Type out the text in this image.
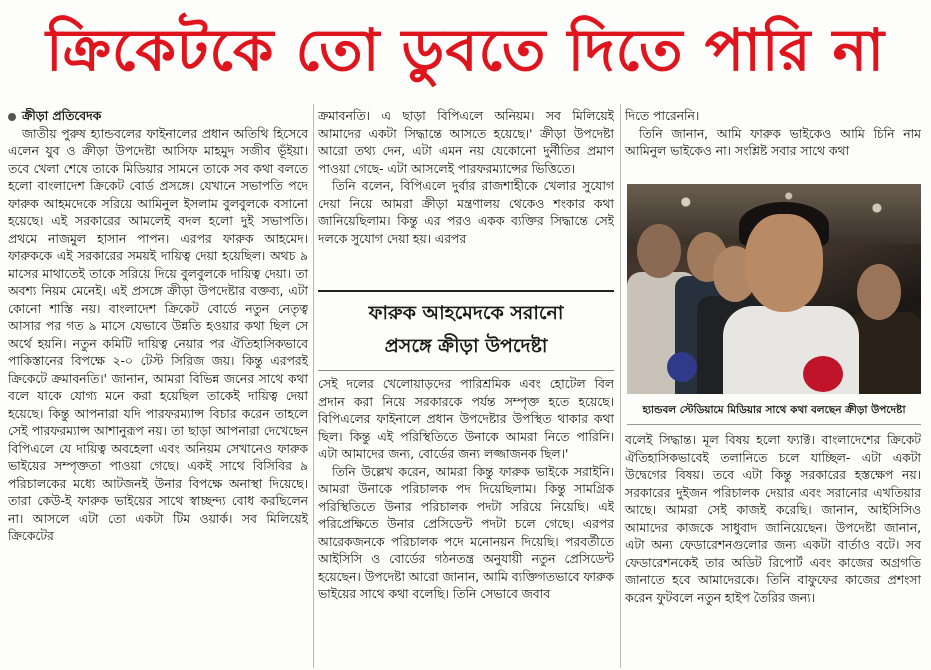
ক্রিকেটকে তো ডুবতে দিতে পারি না

ক্রীড়া প্রতিবেদক

জাতীয় পুরুষ হ্যান্ডবলের ফাইনালের প্রধান অতিথি হিসেবে এলেন যুব ও ক্রীড়া উপদেষ্টা আসিফ মাহমুদ সজীব ভূঁইয়া। তবে খেলা শেষে তাকে মিডিয়ার সামনে তাকে সব কথা বলতে হলো বাংলাদেশ ক্রিকেট বোর্ড প্রসঙ্গে। যেখানে সভাপতি পদে ফারুক আহমদেকে সরিয়ে আমিনুল ইসলাম বুলবুলকে বসানো হয়েছে। এই সরকারের আমলেই বদল হলো দুই সভাপতি। প্রথমে নাজমুল হাসান পাপন। এরপর ফারুক আহমেদ। ফারুককে এই সরকারের সময়ই দায়িত্ব দেয়া হয়েছিল। অথচ ৯ মাসের মাথাতেই তাকে সরিয়ে দিয়ে বুলবুলকে দায়িত্ব দেয়া। তা অবশ্য নিয়ম মেনেই। এই প্রসঙ্গে ক্রীড়া উপদেষ্টার বক্তব্য, এটা কোনো শাস্তি নয়। বাংলাদেশ ক্রিকেট বোর্ডে নতুন নেতৃত্ব আসার পর গত ৯ মাসে যেভাবে উন্নতি হওয়ার কথা ছিল সে অর্থে হয়নি। নতুন কমিটি দায়িত্ব নেয়ার পর ঐতিহাসিকভাবে পাকিস্তানের বিপক্ষে ২-০ টেস্ট সিরিজ জয়। কিন্তু এরপরই ক্রিকেটে ক্রমাবনতি।' জানান, আমরা বিভিন্ন জনের সাথে কথা বলে যাকে যোগ্য মনে করা হয়েছিল তাকেই দায়িত্ব দেয়া হয়েছে। কিন্তু আপনারা যদি পারফরম্যান্স বিচার করেন তাহলে সেই পারফরম্যান্স আশানুরূপ নয়। তা ছাড়া আপনারা দেখেছেন বিপিএলে যে দায়িত্ব অবহেলা এবং অনিয়ম সেখানেও ফারুক ভাইয়ের সম্পৃক্ততা পাওয়া গেছে। একই সাথে বিসিবির ৯ পরিচালকের মধ্যে আটজনই উনার বিপক্ষে অনাস্থা দিয়েছে। তারা কেউ-ই ফারুক ভাইয়ের সাথে স্বাচ্ছন্দ্য বোধ করছিলেন না। আসলে এটা তো একটা টিম ওয়ার্ক। সব মিলিয়েই ক্রিকেটের

ক্রমাবনতি। এ ছাড়া বিপিএলে অনিয়ম। সব মিলিয়েই আমাদের একটা সিদ্ধান্তে আসতে হয়েছে।' ক্রীড়া উপদেষ্টা আরো তথ্য দেন, এটা এমন নয় যেকোনো দুর্নীতির প্রমাণ পাওয়া গেছে- এটা আসলেই পারফরম্যান্সের ভিত্তিতে।

তিনি বলেন, বিপিএলে দুর্বার রাজশাহীকে খেলার সুযোগ দেয়া নিয়ে আমরা ক্রীড়া মন্ত্রণালয় থেকেও শংকার কথা জানিয়েছিলাম। কিন্তু এর পরও একক ব্যক্তির সিদ্ধান্তে সেই দলকে সুযোগ দেয়া হয়। এরপর

ফারুক আহমেদকে সরানো
প্রসঙ্গে ক্রীড়া উপদেষ্টা

সেই দলের খেলোয়াড়দের পারিশ্রমিক এবং হোটেল বিল প্রদান করা নিয়ে সরকারকে পর্যন্ত সম্পৃক্ত হতে হয়েছে। বিপিএলের ফাইনালে প্রধান উপদেষ্টার উপস্থিত থাকার কথা ছিল। কিন্তু এই পরিস্থিতিতে উনাকে আমরা নিতে পারিনি। এটা আমাদের জন্য, বোর্ডের জন্য লজ্জাজনক ছিল।'

তিনি উল্লেখ করেন, আমরা কিন্তু ফারুক ভাইকে সরাইনি। আমরা উনাকে পরিচালক পদ দিয়েছিলাম। কিন্তু সামগ্রিক পরিস্থিতিতে উনার পরিচালক পদটা সরিয়ে নিয়েছি। এই পরিপ্রেক্ষিতে উনার প্রেসিডেন্ট পদটা চলে গেছে। এরপর আরেকজনকে পরিচালক পদে মনোনয়ন দিয়েছি। পরবর্তীতে আইসিসি ও বোর্ডের গঠনতন্ত্র অনুযায়ী নতুন প্রেসিডেন্ট হয়েছেন। উপদেষ্টা আরো জানান, আমি ব্যক্তিগতভাবে ফারুক ভাইয়ের সাথে কথা বলেছি। তিনি সেভাবে জবাব

দিতে পারেননি।

তিনি জানান, আমি ফারুক ভাইকেও আমি চিনি নাম আমিনুল ভাইকেও না। সংশ্লিষ্ট সবার সাথে কথা

হ্যান্ডবল স্টেডিয়ামে মিডিয়ার সাথে কথা বলছেন ক্রীড়া উপদেষ্টা

বলেই সিদ্ধান্ত। মূল বিষয় হলো ফ্যাক্ট। বাংলাদেশের ক্রিকেট ঐতিহাসিকভাবেই তলানিতে চলে যাচ্ছিল- এটা একটা উদ্বেগের বিষয়। তবে এটা কিন্তু সরকারের হস্তক্ষেপ নয়। সরকারের দুইজন পরিচালক দেয়ার এবং সরানোর এখতিয়ার আছে। আমরা সেই কাজই করেছি। জানান, আইসিসিও আমাদের কাজকে সাধুবাদ জানিয়েছেন। উপদেষ্টা জানান, এটা অন্য ফেডারেশনগুলোর জন্য একটা বার্তাও বটে। সব ফেডারেশনকেই তার অডিট রিপোর্ট এবং কাজের অগ্রগতি জানাতে হবে আমাদেরকে। তিনি বাফুফের কাজের প্রশংসা করেন ফুটবলে নতুন হাইপ তৈরির জন্য।
